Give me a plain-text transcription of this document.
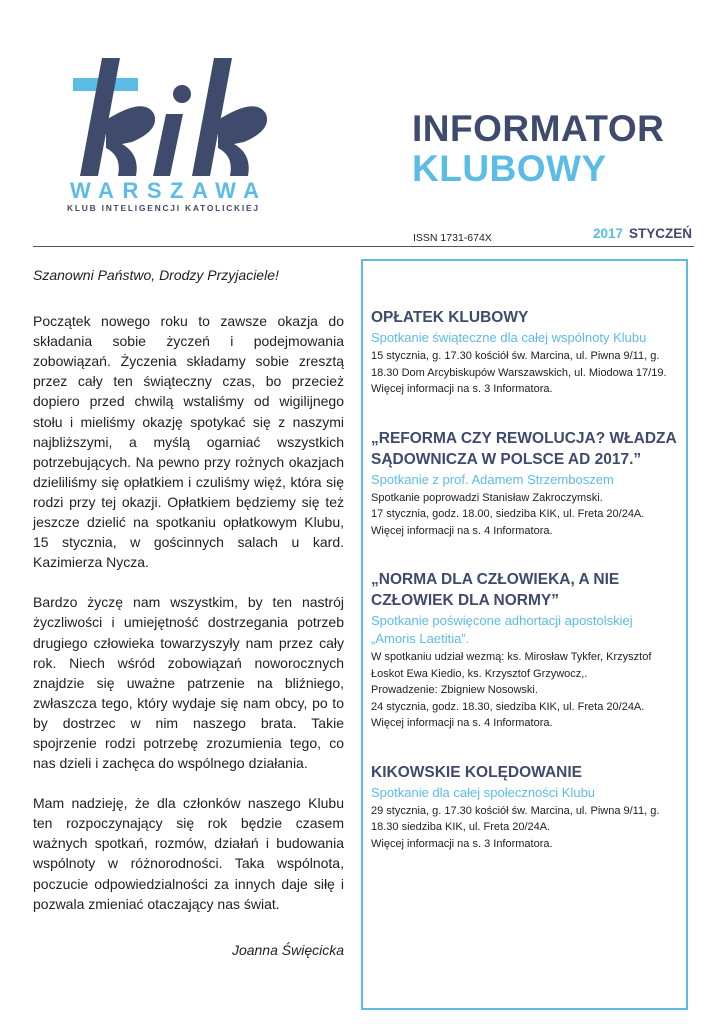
WARSZAWA
KLUB INTELIGENCJI KATOLICKIEJ
INFORMATOR
KLUBOWY
ISSN 1731-674X	2017 STYCZEŃ

Szanowni Państwo, Drodzy Przyjaciele!

Początek nowego roku to zawsze okazja do składania sobie życzeń i podejmowania zobowiązań. Życzenia składamy sobie zresztą przez cały ten świąteczny czas, bo przecież dopiero przed chwilą wstaliśmy od wigilijnego stołu i mieliśmy okazję spotykać się z naszymi najbliższymi, a myślą ogarniać wszystkich potrzebujących. Na pewno przy rożnych okazjach dzieliliśmy się opłatkiem i czuliśmy więź, która się rodzi przy tej okazji. Opłatkiem będziemy się też jeszcze dzielić na spotkaniu opłatkowym Klubu, 15 stycznia, w gościnnych salach u kard. Kazimierza Nycza.

Bardzo życzę nam wszystkim, by ten nastrój życzliwości i umiejętność dostrzegania potrzeb drugiego człowieka towarzyszyły nam przez cały rok. Niech wśród zobowiązań noworocznych znajdzie się uważne patrzenie na bliźniego, zwłaszcza tego, który wydaje się nam obcy, po to by dostrzec w nim naszego brata. Takie spojrzenie rodzi potrzebę zrozumienia tego, co nas dzieli i zachęca do wspólnego działania.

Mam nadzieję, że dla członków naszego Klubu ten rozpoczynający się rok będzie czasem ważnych spotkań, rozmów, działań i budowania wspólnoty w różnorodności. Taka wspólnota, poczucie odpowiedzialności za innych daje siłę i pozwala zmieniać otaczający nas świat.

Joanna Święcicka

OPŁATEK KLUBOWY

Spotkanie świąteczne dla całej wspólnoty Klubu

15 stycznia, g. 17.30 kościół św. Marcina, ul. Piwna 9/11, g. 18.30 Dom Arcybiskupów Warszawskich, ul. Miodowa 17/19.

Więcej informacji na s. 3 Informatora.

„REFORMA CZY REWOLUCJA? WŁADZA SĄDOWNICZA W POLSCE AD 2017.”

Spotkanie z prof. Adamem Strzemboszem

Spotkanie poprowadzi Stanisław Zakroczymski.

17 stycznia, godz. 18.00, siedziba KIK, ul. Freta 20/24A.

Więcej informacji na s. 4 Informatora.

„NORMA DLA CZŁOWIEKA, A NIE CZŁOWIEK DLA NORMY”

Spotkanie poświęcone adhortacji apostolskiej „Amoris Laetitia”.

W spotkaniu udział wezmą: ks. Mirosław Tykfer, Krzysztof Łoskot Ewa Kiedio, ks. Krzysztof Grzywocz,.

Prowadzenie: Zbigniew Nosowski.

24 stycznia, godz. 18.30, siedziba KIK, ul. Freta 20/24A.

Więcej informacji na s. 4 Informatora.

KIKOWSKIE KOLĘDOWANIE

Spotkanie dla całej społeczności Klubu

29 stycznia, g. 17.30 kościół św. Marcina, ul. Piwna 9/11, g. 18.30 siedziba KIK, ul. Freta 20/24A.

Więcej informacji na s. 3 Informatora.
